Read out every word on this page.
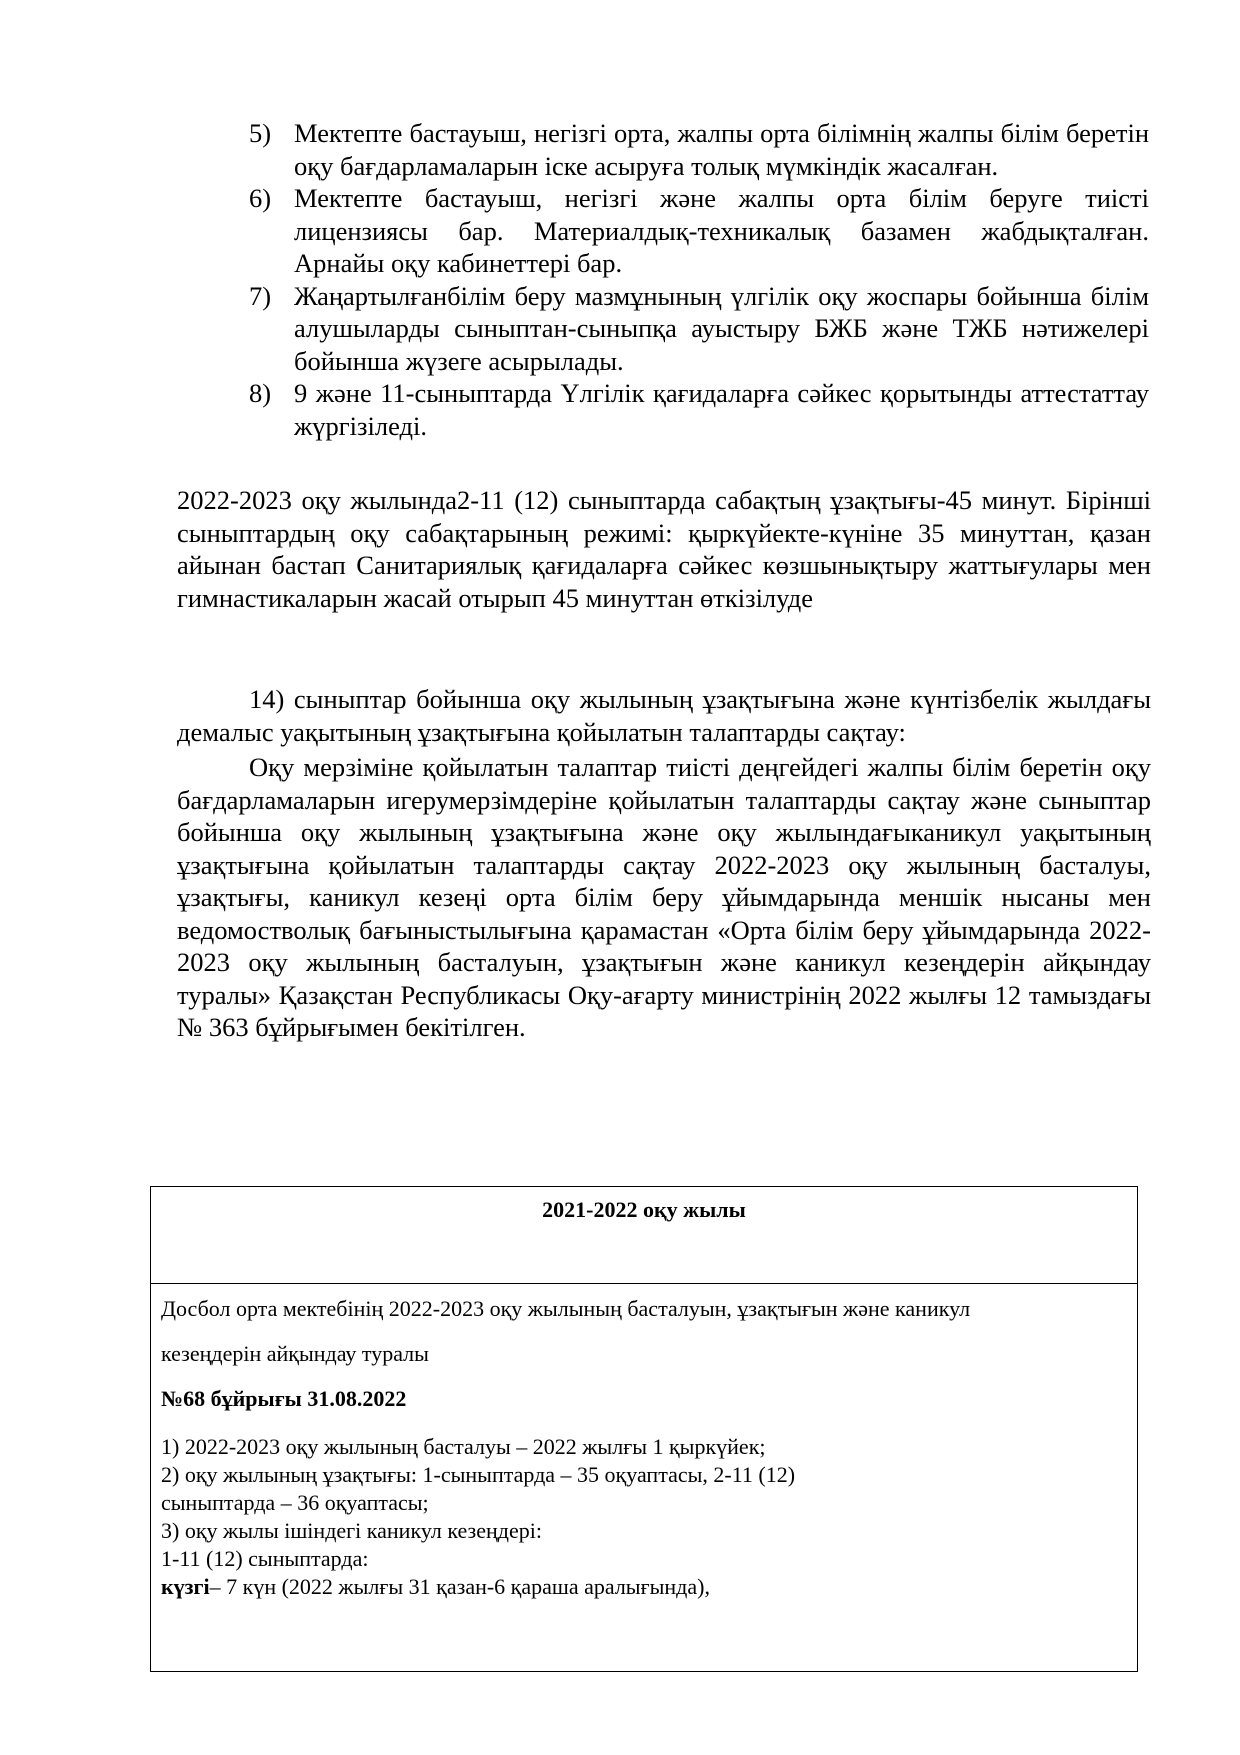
5) Мектепте бастауыш, негізгі орта, жалпы орта білімнің жалпы білім беретін оқу бағдарламаларын іске асыруға толық мүмкіндік жасалған.
6) Мектепте бастауыш, негізгі және жалпы орта білім беруге тиісті лицензиясы бар. Материалдық-техникалық базамен жабдықталған. Арнайы оқу кабинеттері бар.
7) Жаңартылғанбілім беру мазмұнының үлгілік оқу жоспары бойынша білім алушыларды сыныптан-сыныпқа ауыстыру БЖБ және ТЖБ нәтижелері бойынша жүзеге асырылады.
8) 9 және 11-сыныптарда Үлгілік қағидаларға сәйкес қорытынды аттестаттау жүргізіледі.

2022-2023 оқу жылында2-11 (12) сыныптарда сабақтың ұзақтығы-45 минут. Бірінші сыныптардың оқу сабақтарының режимі: қыркүйекте-күніне 35 минуттан, қазан айынан бастап Санитариялық қағидаларға сәйкес көзшынықтыру жаттығулары мен гимнастикаларын жасай отырып 45 минуттан өткізілуде

14) сыныптар бойынша оқу жылының ұзақтығына және күнтізбелік жылдағы демалыс уақытының ұзақтығына қойылатын талаптарды сақтау:

Оқу мерзіміне қойылатын талаптар тиісті деңгейдегі жалпы білім беретін оқу бағдарламаларын игерумерзімдеріне қойылатын талаптарды сақтау және сыныптар бойынша оқу жылының ұзақтығына және оқу жылындағыканикул уақытының ұзақтығына қойылатын талаптарды сақтау 2022-2023 оқу жылының басталуы, ұзақтығы, каникул кезеңі орта білім беру ұйымдарында меншік нысаны мен ведомостволық бағыныстылығына қарамастан «Орта білім беру ұйымдарында 2022-2023 оқу жылының басталуын, ұзақтығын және каникул кезеңдерін айқындау туралы» Қазақстан Республикасы Оқу-ағарту министрінің 2022 жылғы 12 тамыздағы № 363 бұйрығымен бекітілген.

2021-2022 оқу жылы
Досбол орта мектебінің 2022-2023 оқу жылының басталуын, ұзақтығын және каникул
кезеңдерін айқындау туралы
№68 бұйрығы 31.08.2022
1) 2022-2023 оқу жылының басталуы – 2022 жылғы 1 қыркүйек;
2) оқу жылының ұзақтығы: 1-сыныптарда – 35 оқуаптасы, 2-11 (12)
сыныптарда – 36 оқуаптасы;
3) оқу жылы ішіндегі каникул кезеңдері:
1-11 (12) сыныптарда:
күзгі– 7 күн (2022 жылғы 31 қазан-6 қараша аралығында),
